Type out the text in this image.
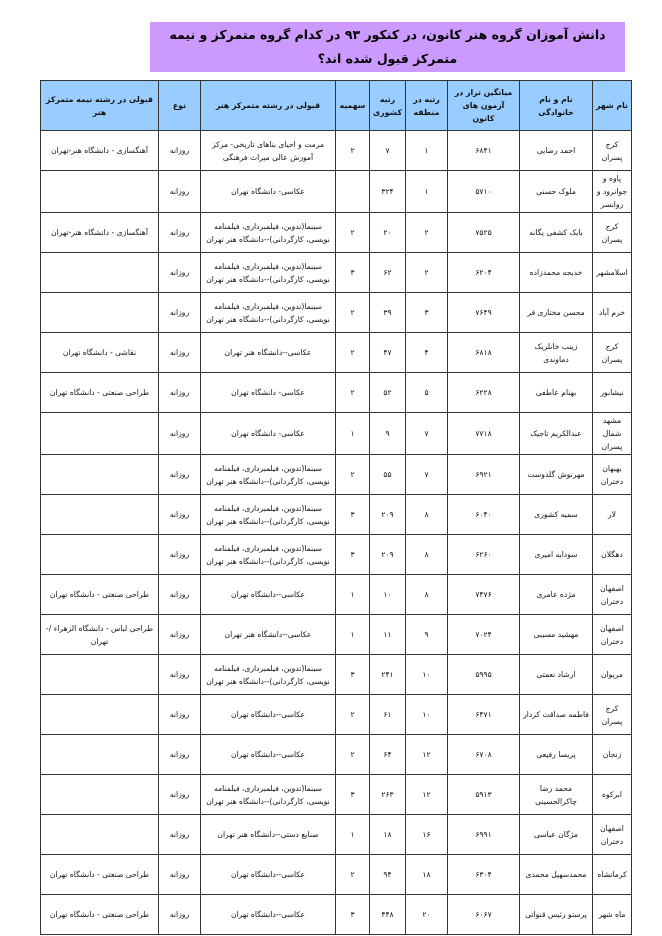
دانش آموزان گروه هنر کانون، در کنکور ۹۳ در کدام گروه متمرکز و نیمه متمرکز قبول شده اند؟
نام شهر	نام و نام خانوادگی	میانگین تراز در آزمون های کانون	رتبه در منطقه	رتبه کشوری	سهمیه	قبولی در رشته متمرکز هنر	نوع	قبولی در رشته نیمه متمرکز هنر
کرج پسران	احمد رضایی	۶۸۴۱	۱	۷	۲	مرمت و احیای بناهای تاریخی- مرکز آموزش عالی میراث فرهنگی	روزانه	آهنگسازی - دانشگاه هنر-تهران
پاوه و جوانرود و روانسر	ملوک حسنی	۵۷۱۰	۱	۳۲۴		عکاسی- دانشگاه تهران	روزانه	
کرج پسران	بابک کشفی یگانه	۷۵۲۵	۲	۲۰	۲	سینما(تدوین، فیلمبرداری، فیلمنامه نویسی، کارگردانی)--دانشگاه هنر تهران	روزانه	آهنگسازی - دانشگاه هنر-تهران
اسلامشهر	خدیجه محمدزاده	۶۲۰۴	۲	۶۲	۳	سینما(تدوین، فیلمبرداری، فیلمنامه نویسی، کارگردانی)--دانشگاه هنر تهران	روزانه	
خرم آباد	محسن مختاری فر	۷۶۴۹	۳	۳۹	۲	سینما(تدوین، فیلمبرداری، فیلمنامه نویسی، کارگردانی)--دانشگاه هنر تهران	روزانه	
کرج پسران	زینب خانلریک دماوندی	۶۸۱۸	۴	۴۷	۲	عکاسی--دانشگاه هنر تهران	روزانه	نقاشی - دانشگاه تهران
نیشابور	بهنام عاطفی	۶۲۲۸	۵	۵۲	۲	عکاسی- دانشگاه تهران	روزانه	طراحی صنعتی - دانشگاه تهران
مشهد شمال پسران	عبدالکریم تاجیک	۷۷۱۸	۷	۹	۱	عکاسی- دانشگاه تهران	روزانه	
بهبهان دختران	مهرنوش گلدوست	۶۹۲۱	۷	۵۵	۲	سینما(تدوین، فیلمبرداری، فیلمنامه نویسی، کارگردانی)--دانشگاه هنر تهران	روزانه	
لار	سمیه کشوری	۶۰۴۰	۸	۲۰۹	۳	سینما(تدوین، فیلمبرداری، فیلمنامه نویسی، کارگردانی)--دانشگاه هنر تهران	روزانه	
دهگلان	سودابه امیری	۶۲۶۰	۸	۲۰۹	۳	سینما(تدوین، فیلمبرداری، فیلمنامه نویسی، کارگردانی)--دانشگاه هنر تهران	روزانه	
اصفهان دختران	مژده عامری	۷۴۷۶	۸	۱۰	۱	عکاسی--دانشگاه تهران	روزانه	طراحی صنعتی - دانشگاه تهران
اصفهان دختران	مهشید مسیبی	۷۰۲۴	۹	۱۱	۱	عکاسی--دانشگاه هنر تهران	روزانه	طراحی لباس - دانشگاه الزهراء /- تهران
مریوان	ارشاد نعمتی	۵۹۹۵	۱۰	۲۴۱	۳	سینما(تدوین، فیلمبرداری، فیلمنامه نویسی، کارگردانی)--دانشگاه هنر تهران	روزانه	
کرج پسران	فاطمه صداقت کردار	۶۴۷۱	۱۰	۶۱	۲	عکاسی--دانشگاه تهران	روزانه	
زنجان	پریسا رفیعی	۶۷۰۸	۱۲	۶۴	۲	عکاسی--دانشگاه تهران	روزانه	
ابرکوه	محمد رضا چاکرالحسینی	۵۹۱۳	۱۲	۲۶۳	۳	سینما(تدوین، فیلمبرداری، فیلمنامه نویسی، کارگردانی)--دانشگاه هنر تهران	روزانه	
اصفهان دختران	مژگان عباسی	۶۹۹۱	۱۶	۱۸	۱	صنایع دستی--دانشگاه هنر تهران	روزانه	
کرمانشاه	محمدسهیل محمدی	۶۳۰۴	۱۸	۹۴	۲	عکاسی--دانشگاه تهران	روزانه	طراحی صنعتی - دانشگاه تهران
ماه شهر	پرستو رئیس قنواتی	۶۰۶۷	۲۰	۴۴۸	۳	عکاسی--دانشگاه تهران	روزانه	طراحی صنعتی - دانشگاه تهران
